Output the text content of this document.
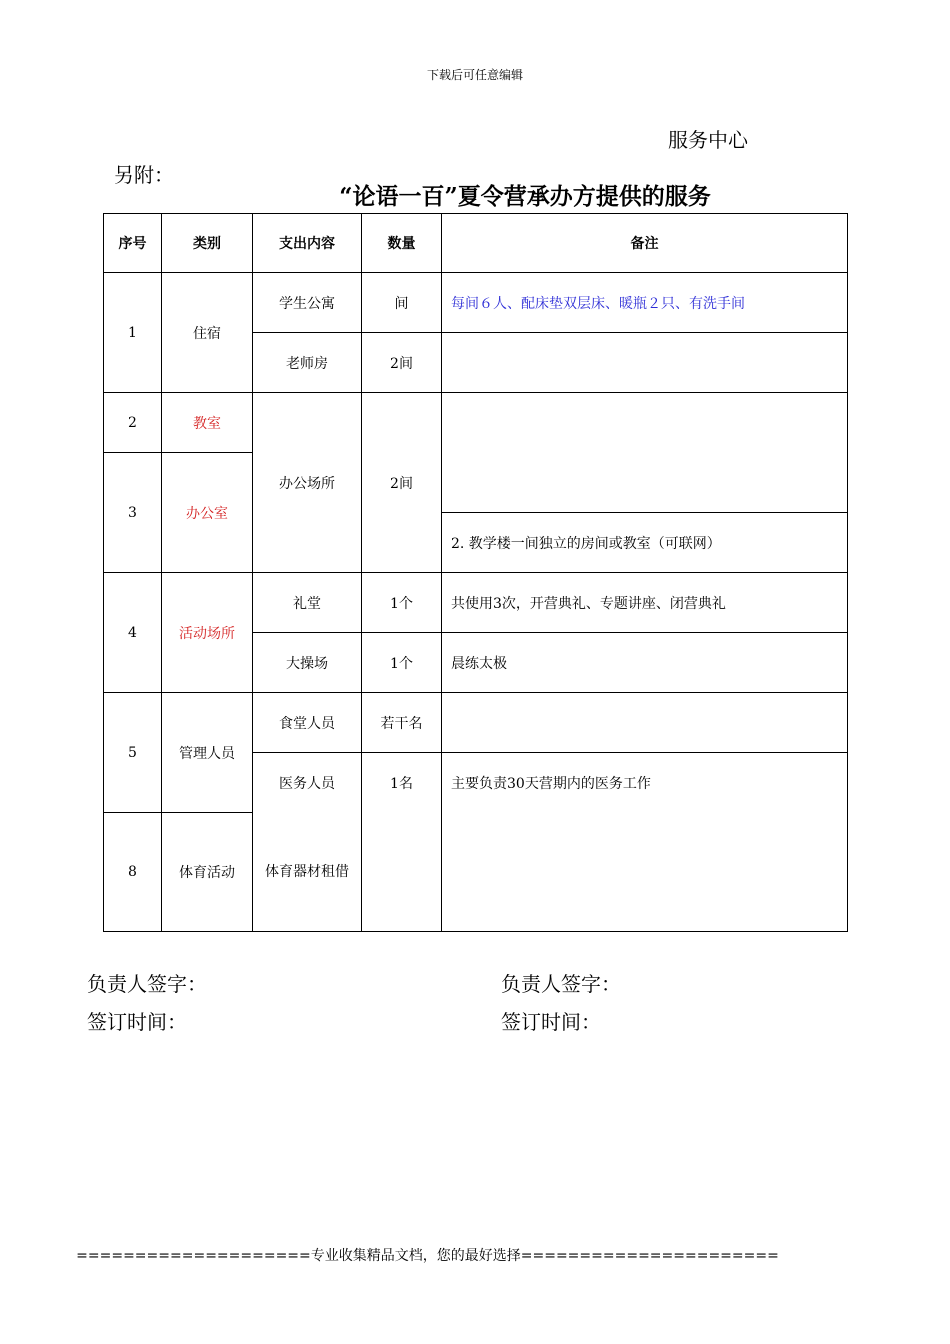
下载后可任意编辑
服务中心
另附：
“论语一百”夏令营承办方提供的服务
序号	类别	支出内容	数量	备注
1	住宿	学生公寓	间	每间６人、配床垫双层床、暖瓶２只、有洗手间
		老师房	2间	
2	教室	办公场所	2间	
3	办公室			
				2. 教学楼一间独立的房间或教室（可联网）
4	活动场所	礼堂	1个	共使用3次，开营典礼、专题讲座、闭营典礼
		大操场	1个	晨练太极
5	管理人员	食堂人员	若干名	
		医务人员	1名	主要负责30天营期内的医务工作
8	体育活动	体育器材租借		
负责人签字：
签订时间：
负责人签字：
签订时间：
====================专业收集精品文档，您的最好选择======================
